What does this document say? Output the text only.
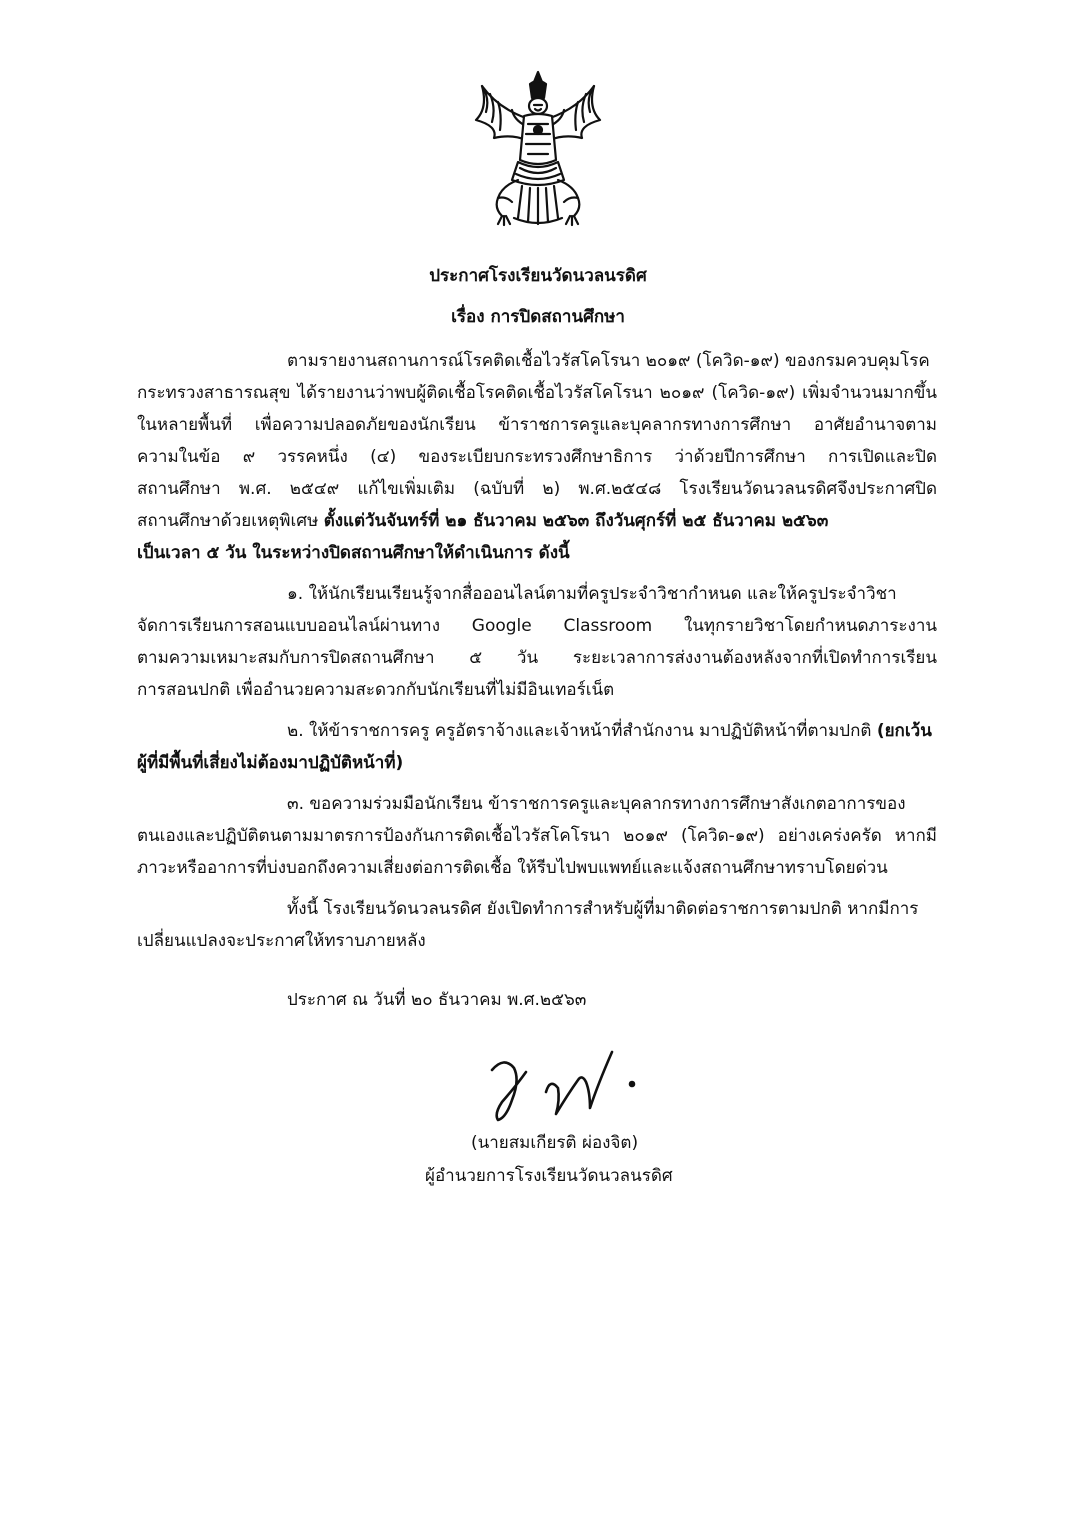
ประกาศโรงเรียนวัดนวลนรดิศ
เรื่อง การปิดสถานศึกษา
ตามรายงานสถานการณ์โรคติดเชื้อไวรัสโคโรนา ๒๐๑๙ (โควิด-๑๙) ของกรมควบคุมโรค
กระทรวงสาธารณสุข ได้รายงานว่าพบผู้ติดเชื้อโรคติดเชื้อไวรัสโคโรนา ๒๐๑๙ (โควิด-๑๙) เพิ่มจำนวนมากขึ้น
ในหลายพื้นที่ เพื่อความปลอดภัยของนักเรียน ข้าราชการครูและบุคลากรทางการศึกษา อาศัยอำนาจตาม
ความในข้อ ๙ วรรคหนึ่ง (๔) ของระเบียบกระทรวงศึกษาธิการ ว่าด้วยปีการศึกษา การเปิดและปิด
สถานศึกษา พ.ศ. ๒๕๔๙ แก้ไขเพิ่มเติม (ฉบับที่ ๒) พ.ศ.๒๕๔๘ โรงเรียนวัดนวลนรดิศจึงประกาศปิด
สถานศึกษาด้วยเหตุพิเศษ ตั้งแต่วันจันทร์ที่ ๒๑ ธันวาคม ๒๕๖๓ ถึงวันศุกร์ที่ ๒๕ ธันวาคม ๒๕๖๓
เป็นเวลา ๕ วัน ในระหว่างปิดสถานศึกษาให้ดำเนินการ ดังนี้
๑. ให้นักเรียนเรียนรู้จากสื่อออนไลน์ตามที่ครูประจำวิชากำหนด และให้ครูประจำวิชา
จัดการเรียนการสอนแบบออนไลน์ผ่านทาง Google Classroom ในทุกรายวิชาโดยกำหนดภาระงาน
ตามความเหมาะสมกับการปิดสถานศึกษา ๕ วัน ระยะเวลาการส่งงานต้องหลังจากที่เปิดทำการเรียน
การสอนปกติ เพื่ออำนวยความสะดวกกับนักเรียนที่ไม่มีอินเทอร์เน็ต
๒. ให้ข้าราชการครู ครูอัตราจ้างและเจ้าหน้าที่สำนักงาน มาปฏิบัติหน้าที่ตามปกติ (ยกเว้น
ผู้ที่มีพื้นที่เสี่ยงไม่ต้องมาปฏิบัติหน้าที่)
๓. ขอความร่วมมือนักเรียน ข้าราชการครูและบุคลากรทางการศึกษาสังเกตอาการของ
ตนเองและปฏิบัติตนตามมาตรการป้องกันการติดเชื้อไวรัสโคโรนา ๒๐๑๙ (โควิด-๑๙) อย่างเคร่งครัด หากมี
ภาวะหรืออาการที่บ่งบอกถึงความเสี่ยงต่อการติดเชื้อ ให้รีบไปพบแพทย์และแจ้งสถานศึกษาทราบโดยด่วน
ทั้งนี้ โรงเรียนวัดนวลนรดิศ ยังเปิดทำการสำหรับผู้ที่มาติดต่อราชการตามปกติ หากมีการ
เปลี่ยนแปลงจะประกาศให้ทราบภายหลัง
ประกาศ ณ วันที่ ๒๐ ธันวาคม พ.ศ.๒๕๖๓
(นายสมเกียรติ ผ่องจิต)
ผู้อำนวยการโรงเรียนวัดนวลนรดิศ
